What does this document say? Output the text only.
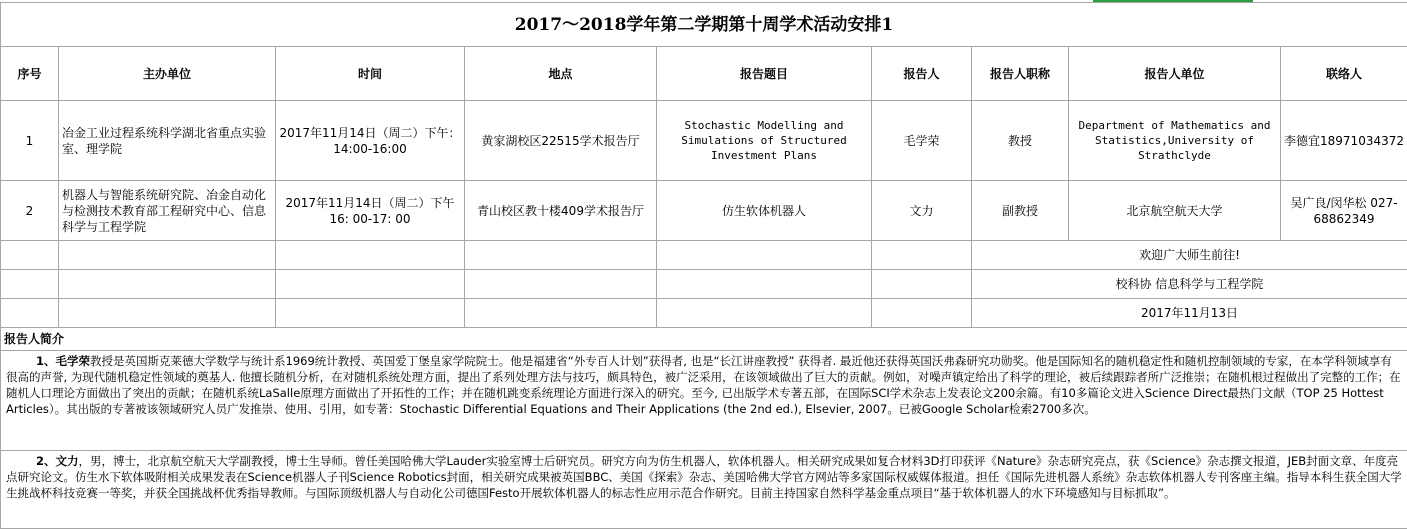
2017～2018学年第二学期第十周学术活动安排1								
序号	主办单位	时间	地点	报告题目	报告人	报告人职称	报告人单位	联络人
1	冶金工业过程系统科学湖北省重点实验室、理学院	2017年11月14日（周二）下午：14:00-16:00	黄家湖校区22515学术报告厅	Stochastic Modelling and Simulations of Structured Investment Plans	毛学荣	教授	Department of Mathematics and Statistics,University of Strathclyde	李德宜18971034372
2	机器人与智能系统研究院、冶金自动化与检测技术教育部工程研究中心、信息科学与工程学院	2017年11月14日（周二）下午16: 00-17: 00	青山校区教十楼409学术报告厅	仿生软体机器人	文力	副教授	北京航空航天大学	吴广良/闵华松 027-68862349
						欢迎广大师生前往!		
						校科协 信息科学与工程学院		
						2017年11月13日		
报告人简介								
1、毛学荣教授是英国斯克莱德大学数学与统计系1969统计教授、英国爱丁堡皇家学院院士。他是福建省“外专百人计划”获得者, 也是“长江讲座教授” 获得者. 最近他还获得英国沃弗森研究功勋奖。他是国际知名的随机稳定性和随机控制领域的专家，在本学科领域享有很高的声誉, 为现代随机稳定性领域的奠基人. 他擅长随机分析，在对随机系统处理方面，提出了系列处理方法与技巧，颇具特色，被广泛采用，在该领域做出了巨大的贡献。例如，对噪声镇定给出了科学的理论，被后续跟踪者所广泛推崇；在随机根过程做出了完整的工作；在随机人口理论方面做出了突出的贡献；在随机系统LaSalle原理方面做出了开拓性的工作；并在随机跳变系统理论方面进行深入的研究。至今, 已出版学术专著五部，在国际SCI学术杂志上发表论文200余篇。有10多篇论文进入Science Direct最热门文献（TOP 25 Hottest Articles）。其出版的专著被该领域研究人员广发推崇、使用、引用，如专著：Stochastic Differential Equations and Their Applications (the 2nd ed.), Elsevier, 2007。已被Google Scholar检索2700多次。								
2、文力，男，博士，北京航空航天大学副教授，博士生导师。曾任美国哈佛大学Lauder实验室博士后研究员。研究方向为仿生机器人，软体机器人。相关研究成果如复合材料3D打印获评《Nature》杂志研究亮点，获《Science》杂志撰文报道，JEB封面文章、年度亮点研究论文。仿生水下软体吸附相关成果发表在Science机器人子刊Science Robotics封面，相关研究成果被英国BBC、美国《探索》杂志、美国哈佛大学官方网站等多家国际权威媒体报道。担任《国际先进机器人系统》杂志软体机器人专刊客座主编。指导本科生获全国大学生挑战杯科技竞赛一等奖，并获全国挑战杯优秀指导教师。与国际顶级机器人与自动化公司德国Festo开展软体机器人的标志性应用示范合作研究。目前主持国家自然科学基金重点项目“基于软体机器人的水下环境感知与目标抓取”。								
